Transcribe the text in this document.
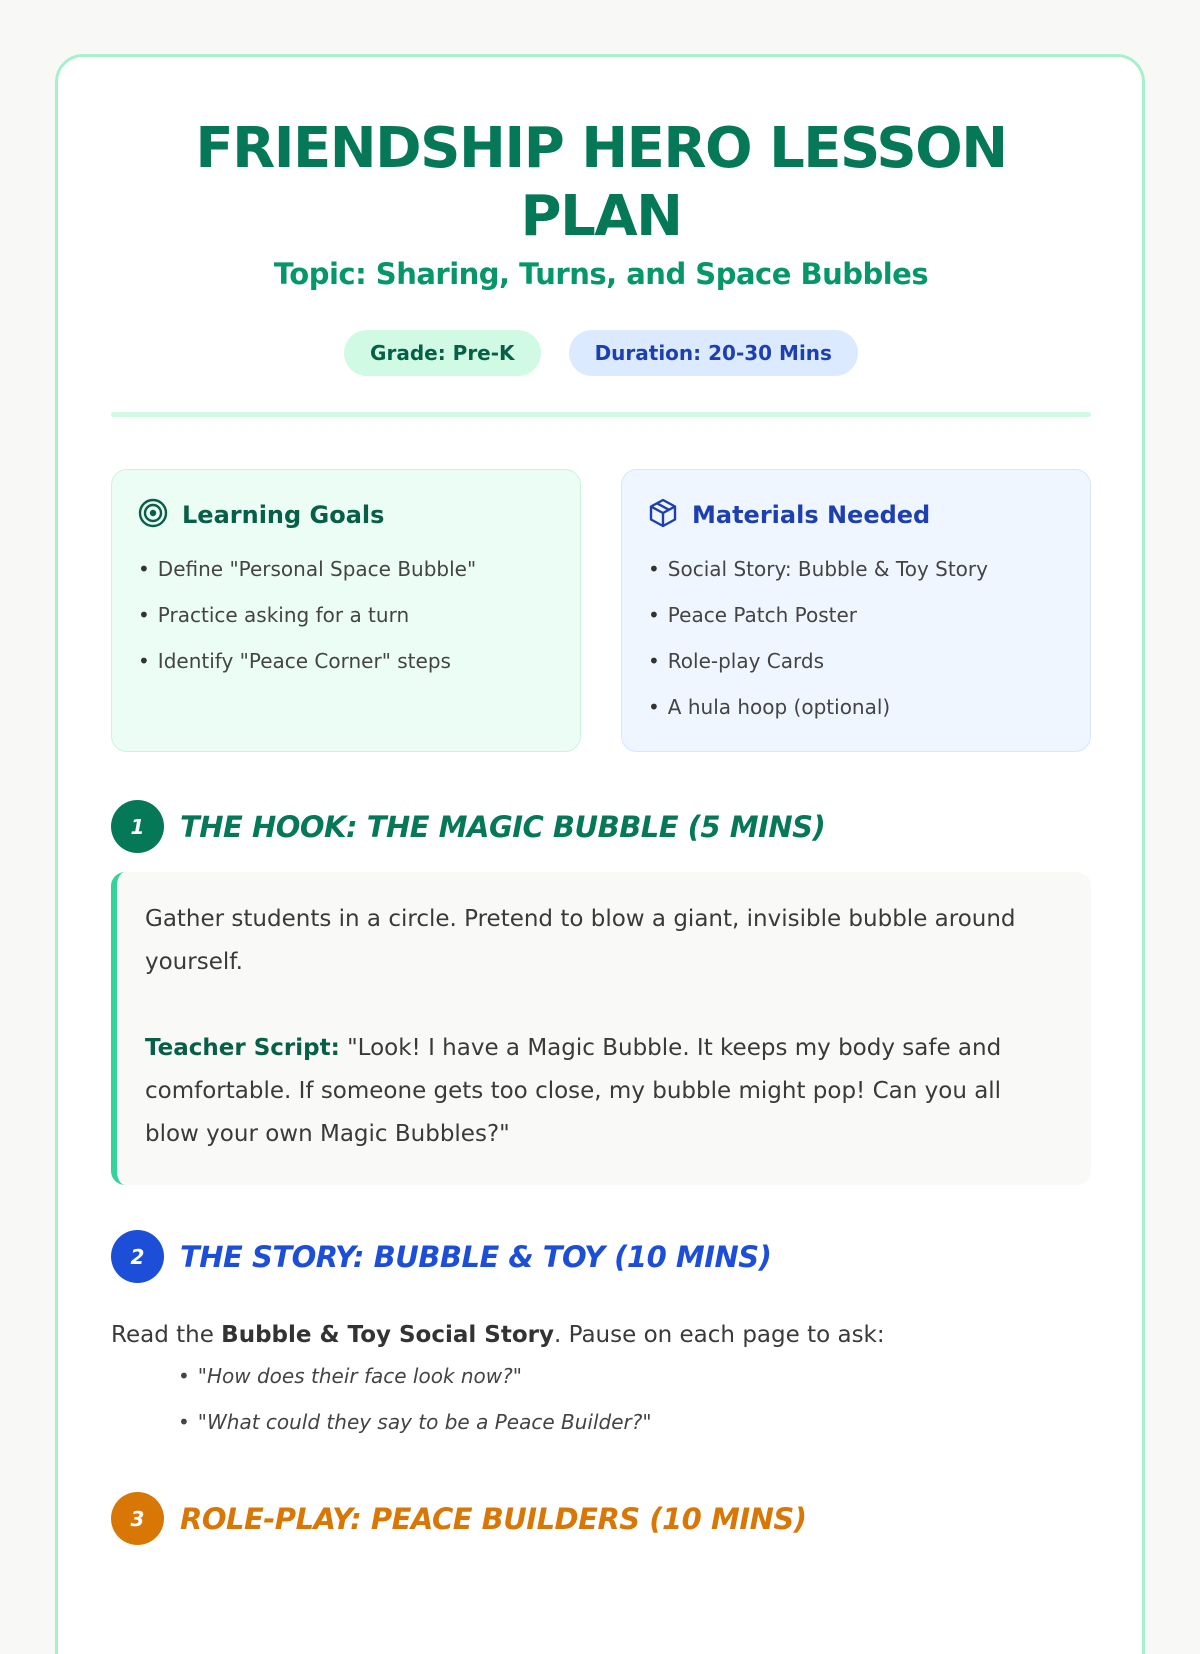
FRIENDSHIP HERO LESSON PLAN
Topic: Sharing, Turns, and Space Bubbles
Grade: Pre-K	Duration: 20-30 Mins
Learning Goals
• Define "Personal Space Bubble"
• Practice asking for a turn
• Identify "Peace Corner" steps
Materials Needed
• Social Story: Bubble & Toy Story
• Peace Patch Poster
• Role-play Cards
• A hula hoop (optional)
1	THE HOOK: THE MAGIC BUBBLE (5 MINS)

Gather students in a circle. Pretend to blow a giant, invisible bubble around yourself.

Teacher Script: "Look! I have a Magic Bubble. It keeps my body safe and comfortable. If someone gets too close, my bubble might pop! Can you all blow your own Magic Bubbles?"

2	THE STORY: BUBBLE & TOY (10 MINS)
Read the Bubble & Toy Social Story. Pause on each page to ask:
• "How does their face look now?"
• "What could they say to be a Peace Builder?"
3	ROLE-PLAY: PEACE BUILDERS (10 MINS)
